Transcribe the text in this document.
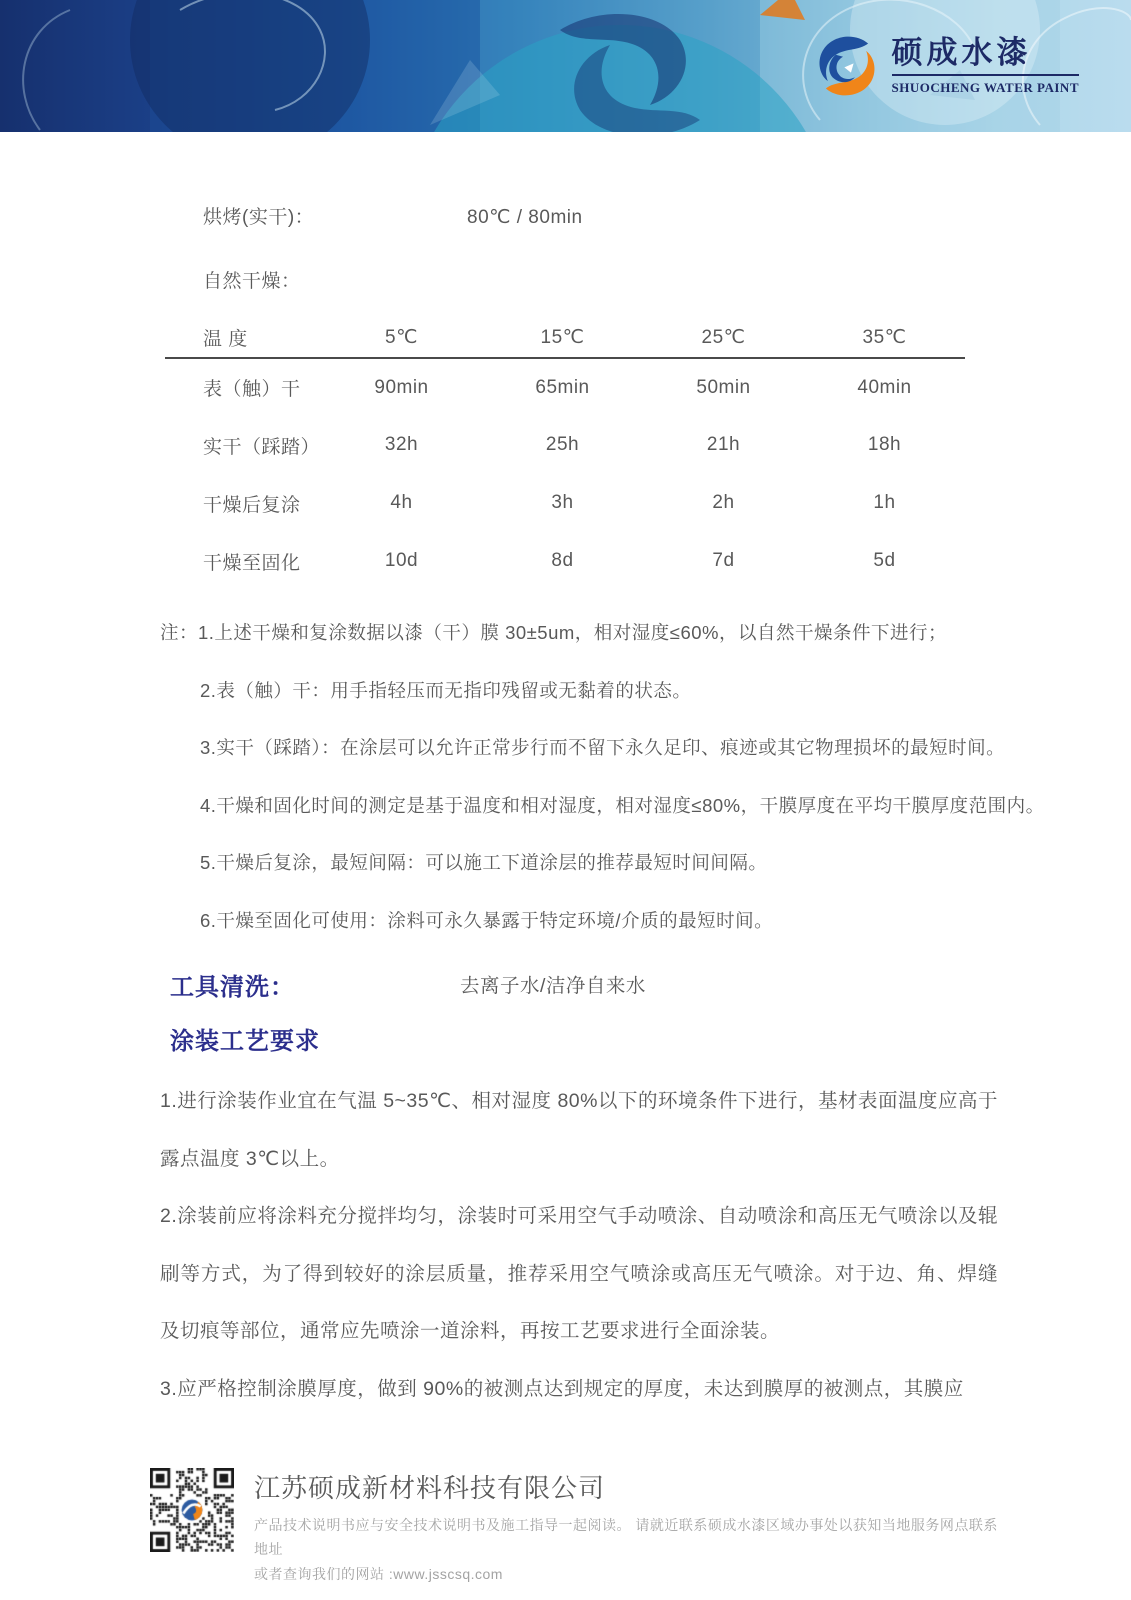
硕成水漆
SHUOCHENG WATER PAINT
烘烤(实干)：	80℃ / 80min
自然干燥：
温 度	5℃	15℃	25℃	35℃
表（触）干	90min	65min	50min	40min
实干（踩踏）	32h	25h	21h	18h
干燥后复涂	4h	3h	2h	1h
干燥至固化	10d	8d	7d	5d
注：1.上述干燥和复涂数据以漆（干）膜 30±5um，相对湿度≤60%，以自然干燥条件下进行；
2.表（触）干：用手指轻压而无指印残留或无黏着的状态。
3.实干（踩踏）：在涂层可以允许正常步行而不留下永久足印、痕迹或其它物理损坏的最短时间。
4.干燥和固化时间的测定是基于温度和相对湿度，相对湿度≤80%，干膜厚度在平均干膜厚度范围内。
5.干燥后复涂，最短间隔：可以施工下道涂层的推荐最短时间间隔。
6.干燥至固化可使用：涂料可永久暴露于特定环境/介质的最短时间。
工具清洗：	去离子水/洁净自来水
涂装工艺要求

1.进行涂装作业宜在气温 5~35℃、相对湿度 80%以下的环境条件下进行，基材表面温度应高于露点温度 3℃以上。

2.涂装前应将涂料充分搅拌均匀，涂装时可采用空气手动喷涂、自动喷涂和高压无气喷涂以及辊刷等方式，为了得到较好的涂层质量，推荐采用空气喷涂或高压无气喷涂。对于边、角、焊缝及切痕等部位，通常应先喷涂一道涂料，再按工艺要求进行全面涂装。

3.应严格控制涂膜厚度，做到 90%的被测点达到规定的厚度，未达到膜厚的被测点，其膜应

江苏硕成新材料科技有限公司
产品技术说明书应与安全技术说明书及施工指导一起阅读。 请就近联系硕成水漆区域办事处以获知当地服务网点联系地址
或者查询我们的网站 :www.jsscsq.com
